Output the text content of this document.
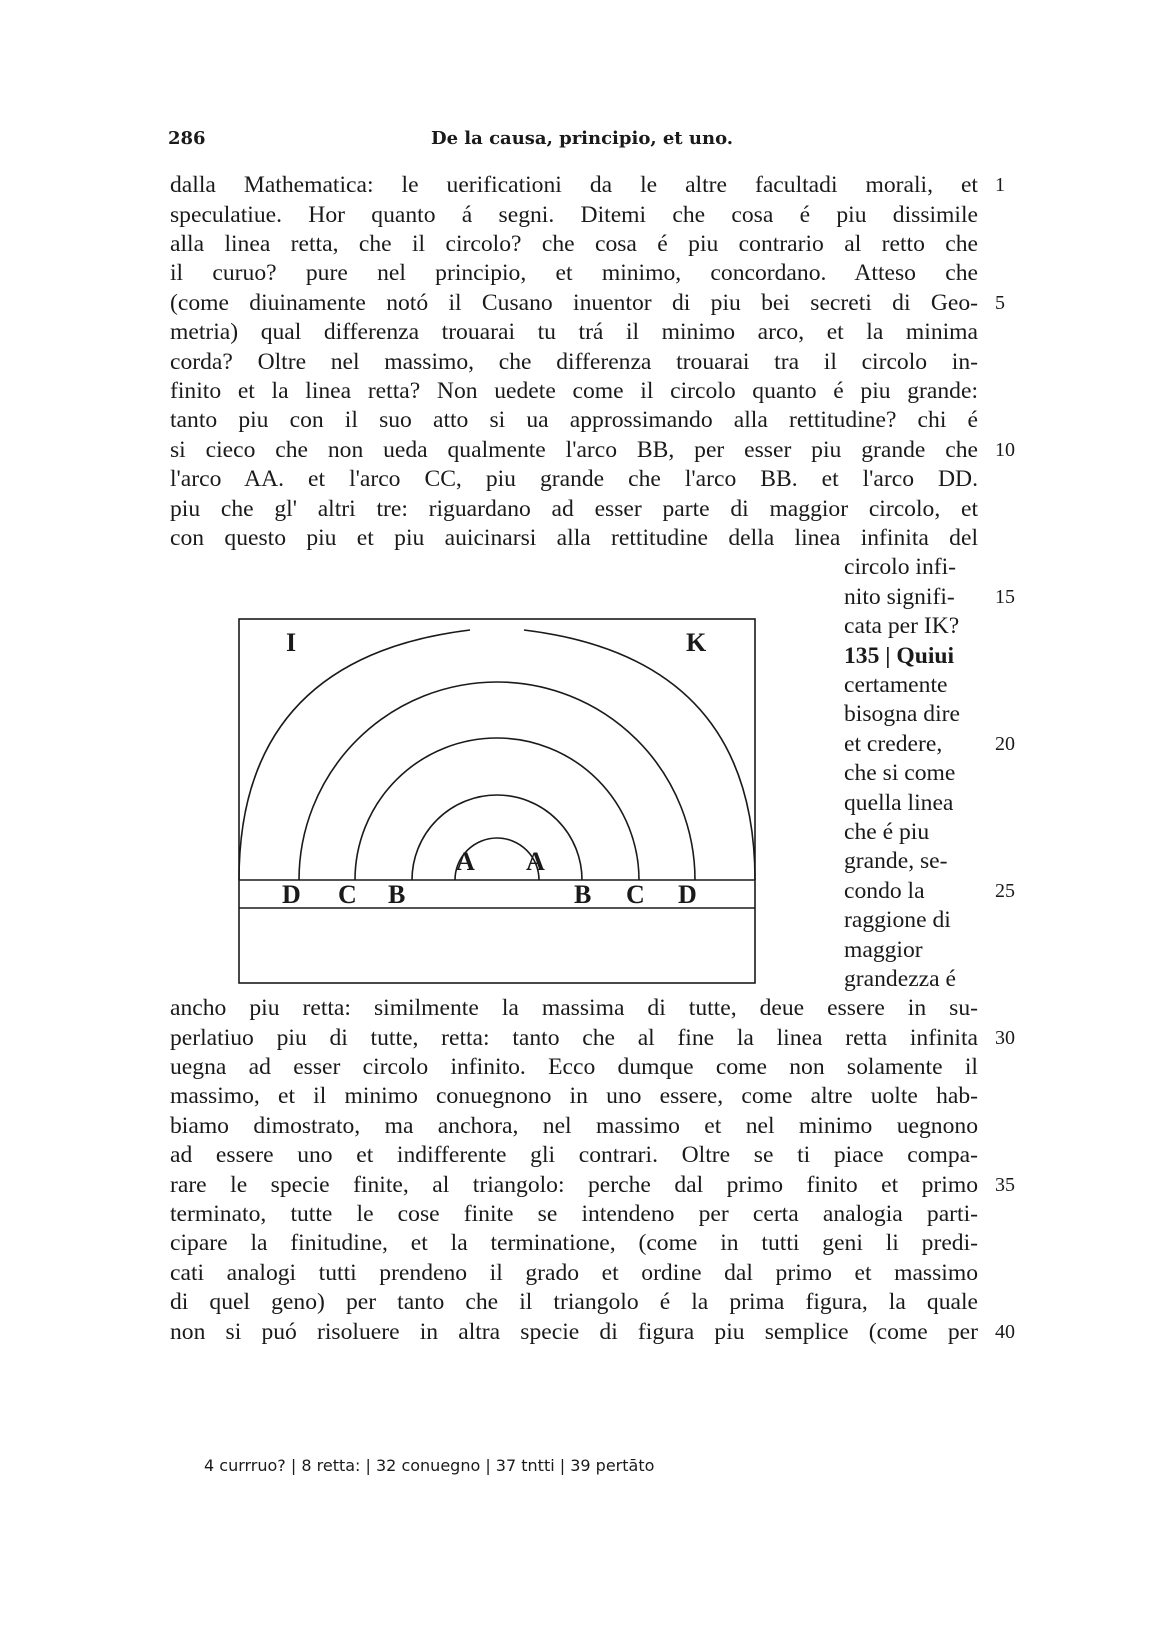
286	De la causa, principio, et uno.
dalla Mathematica: le uerificationi da le altre facultadi morali, et
speculatiue. Hor quanto á segni. Ditemi che cosa é piu dissimile
alla linea retta, che il circolo? che cosa é piu contrario al retto che
il curuo? pure nel principio, et minimo, concordano. Atteso che
(come diuinamente notó il Cusano inuentor di piu bei secreti di Geo-
metria) qual differenza trouarai tu trá il minimo arco, et la minima
corda? Oltre nel massimo, che differenza trouarai tra il circolo in-
finito et la linea retta? Non uedete come il circolo quanto é piu grande:
tanto piu con il suo atto si ua approssimando alla rettitudine? chi é
si cieco che non ueda qualmente l'arco BB, per esser piu grande che
l'arco AA. et l'arco CC, piu grande che l'arco BB. et l'arco DD.
piu che gl' altri tre: riguardano ad esser parte di maggior circolo, et
con questo piu et piu auicinarsi alla rettitudine della linea infinita del
circolo infi-
nito signifi-
cata per IK?
135 | Quiui
certamente
bisogna dire
et credere,
che si come
quella linea
che é piu
grande, se-
condo la
raggione di
maggior
grandezza é
I	K
A A
D C B	B C D
ancho piu retta: similmente la massima di tutte, deue essere in su-
perlatiuo piu di tutte, retta: tanto che al fine la linea retta infinita
uegna ad esser circolo infinito. Ecco dumque come non solamente il
massimo, et il minimo conuegnono in uno essere, come altre uolte hab-
biamo dimostrato, ma anchora, nel massimo et nel minimo uegnono
ad essere uno et indifferente gli contrari. Oltre se ti piace compa-
rare le specie finite, al triangolo: perche dal primo finito et primo
terminato, tutte le cose finite se intendeno per certa analogia parti-
cipare la finitudine, et la terminatione, (come in tutti geni li predi-
cati analogi tutti prendeno il grado et ordine dal primo et massimo
di quel geno) per tanto che il triangolo é la prima figura, la quale
non si puó risoluere in altra specie di figura piu semplice (come per
1
5
10
15
20
25
30
35
40
4 currruo? | 8 retta: | 32 conuegno | 37 tntti | 39 pertāto
